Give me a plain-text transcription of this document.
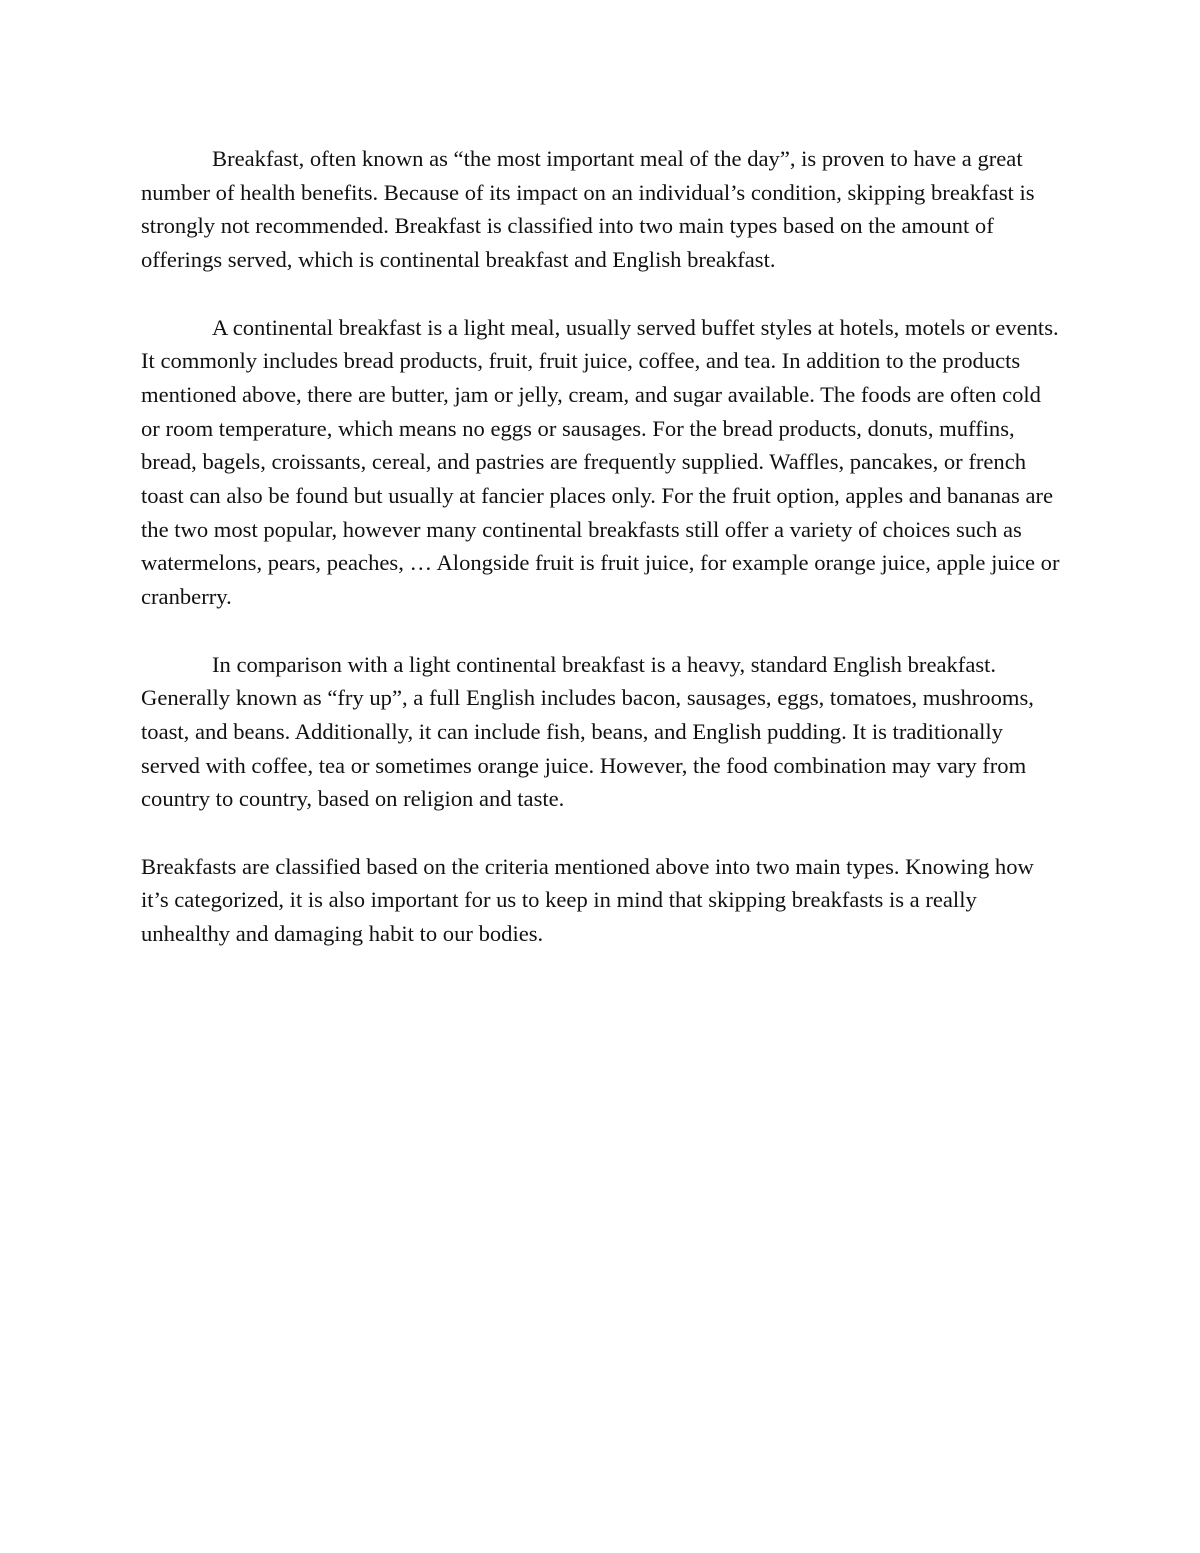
Breakfast, often known as “the most important meal of the day”, is proven to have a great number of health benefits. Because of its impact on an individual’s condition, skipping breakfast is strongly not recommended. Breakfast is classified into two main types based on the amount of offerings served, which is continental breakfast and English breakfast.

A continental breakfast is a light meal, usually served buffet styles at hotels, motels or events. It commonly includes bread products, fruit, fruit juice, coffee, and tea. In addition to the products mentioned above, there are butter, jam or jelly, cream, and sugar available. The foods are often cold or room temperature, which means no eggs or sausages. For the bread products, donuts, muffins, bread, bagels, croissants, cereal, and pastries are frequently supplied. Waffles, pancakes, or french toast can also be found but usually at fancier places only. For the fruit option, apples and bananas are the two most popular, however many continental breakfasts still offer a variety of choices such as watermelons, pears, peaches, … Alongside fruit is fruit juice, for example orange juice, apple juice or cranberry.

In comparison with a light continental breakfast is a heavy, standard English breakfast. Generally known as “fry up”, a full English includes bacon, sausages, eggs, tomatoes, mushrooms, toast, and beans. Additionally, it can include fish, beans, and English pudding. It is traditionally served with coffee, tea or sometimes orange juice. However, the food combination may vary from country to country, based on religion and taste.

Breakfasts are classified based on the criteria mentioned above into two main types. Knowing how it’s categorized, it is also important for us to keep in mind that skipping breakfasts is a really unhealthy and damaging habit to our bodies.
